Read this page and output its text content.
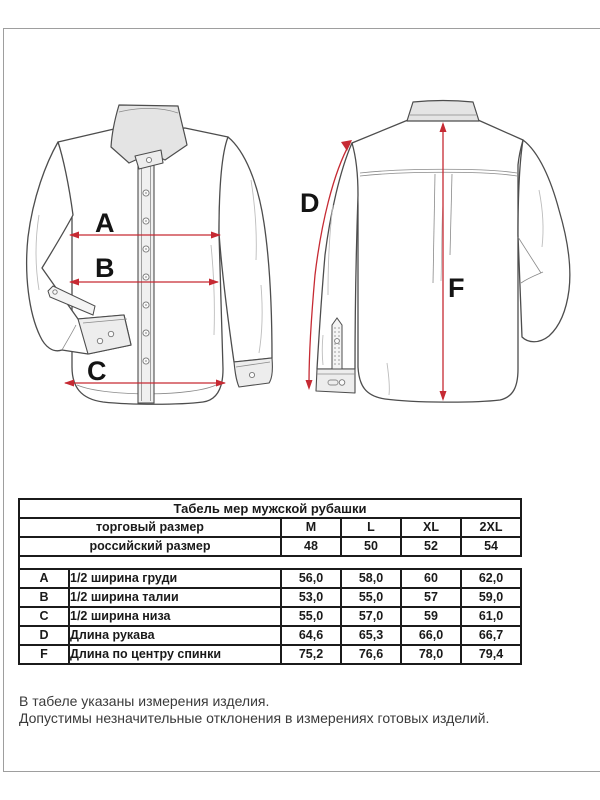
A
B
C
D
F
Табель мер мужской рубашки				
торговый размер	M	L	XL	2XL
российский размер	48	50	52	54
A	1/2 ширина груди	56,0	58,0	60	62,0
B	1/2 ширина талии	53,0	55,0	57	59,0
C	1/2 ширина низа	55,0	57,0	59	61,0
D	Длина рукава	64,6	65,3	66,0	66,7
F	Длина по центру спинки	75,2	76,6	78,0	79,4
В табеле указаны измерения изделия.
Допустимы незначительные отклонения в измерениях готовых изделий.
